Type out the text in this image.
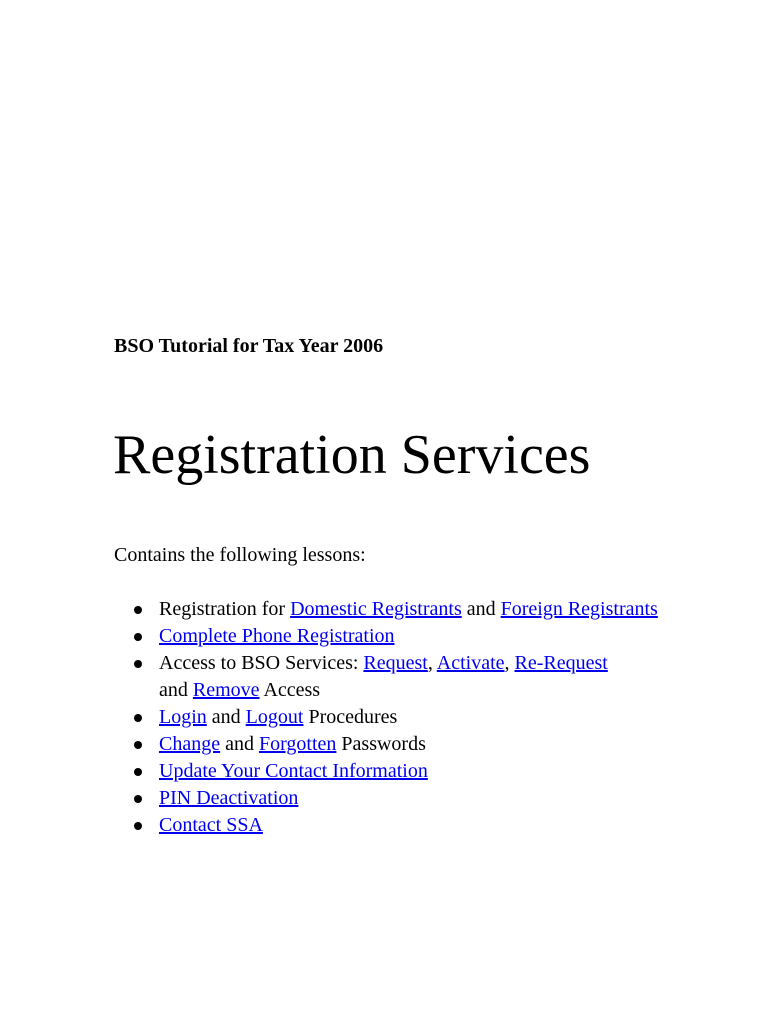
BSO Tutorial for Tax Year 2006

Registration Services

Contains the following lessons:

Registration for Domestic Registrants and Foreign Registrants
Complete Phone Registration
Access to BSO Services: Request, Activate, Re-Request
and Remove Access
Login and Logout Procedures
Change and Forgotten Passwords
Update Your Contact Information
PIN Deactivation
Contact SSA
